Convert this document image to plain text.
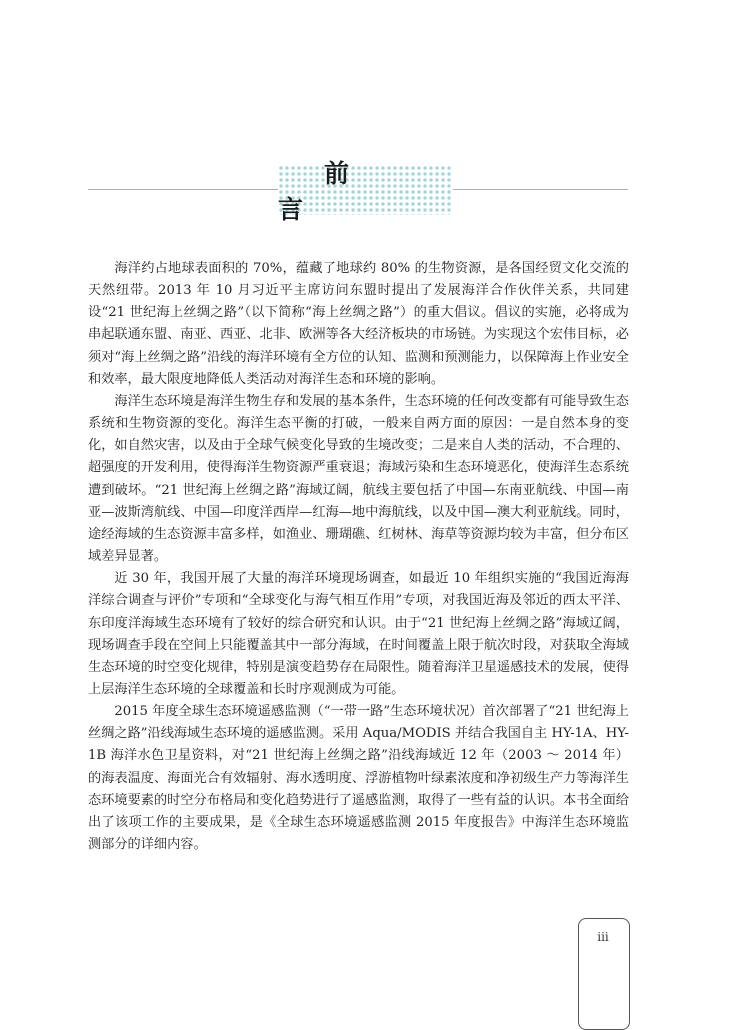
前言

海洋约占地球表面积的 70%，蕴藏了地球约 80% 的生物资源，是各国经贸文化交流的天然纽带。2013 年 10 月习近平主席访问东盟时提出了发展海洋合作伙伴关系，共同建设“21 世纪海上丝绸之路”（以下简称“海上丝绸之路”）的重大倡议。倡议的实施，必将成为串起联通东盟、南亚、西亚、北非、欧洲等各大经济板块的市场链。为实现这个宏伟目标，必须对“海上丝绸之路”沿线的海洋环境有全方位的认知、监测和预测能力，以保障海上作业安全和效率，最大限度地降低人类活动对海洋生态和环境的影响。

海洋生态环境是海洋生物生存和发展的基本条件，生态环境的任何改变都有可能导致生态系统和生物资源的变化。海洋生态平衡的打破，一般来自两方面的原因：一是自然本身的变化，如自然灾害，以及由于全球气候变化导致的生境改变；二是来自人类的活动，不合理的、超强度的开发利用，使得海洋生物资源严重衰退；海域污染和生态环境恶化，使海洋生态系统遭到破坏。“21 世纪海上丝绸之路”海域辽阔，航线主要包括了中国—东南亚航线、中国—南亚—波斯湾航线、中国—印度洋西岸—红海—地中海航线，以及中国—澳大利亚航线。同时，途经海域的生态资源丰富多样，如渔业、珊瑚礁、红树林、海草等资源均较为丰富，但分布区域差异显著。

近 30 年，我国开展了大量的海洋环境现场调查，如最近 10 年组织实施的“我国近海海洋综合调查与评价”专项和“全球变化与海气相互作用”专项，对我国近海及邻近的西太平洋、东印度洋海域生态环境有了较好的综合研究和认识。由于“21 世纪海上丝绸之路”海域辽阔，现场调查手段在空间上只能覆盖其中一部分海域，在时间覆盖上限于航次时段，对获取全海域生态环境的时空变化规律，特别是演变趋势存在局限性。随着海洋卫星遥感技术的发展，使得上层海洋生态环境的全球覆盖和长时序观测成为可能。

2015 年度全球生态环境遥感监测（“一带一路”生态环境状况）首次部署了“21 世纪海上丝绸之路”沿线海域生态环境的遥感监测。采用 Aqua/MODIS 并结合我国自主 HY-1A、HY-1B 海洋水色卫星资料，对“21 世纪海上丝绸之路”沿线海域近 12 年（2003 ～ 2014 年）的海表温度、海面光合有效辐射、海水透明度、浮游植物叶绿素浓度和净初级生产力等海洋生态环境要素的时空分布格局和变化趋势进行了遥感监测，取得了一些有益的认识。本书全面给出了该项工作的主要成果，是《全球生态环境遥感监测 2015 年度报告》中海洋生态环境监测部分的详细内容。

iii
